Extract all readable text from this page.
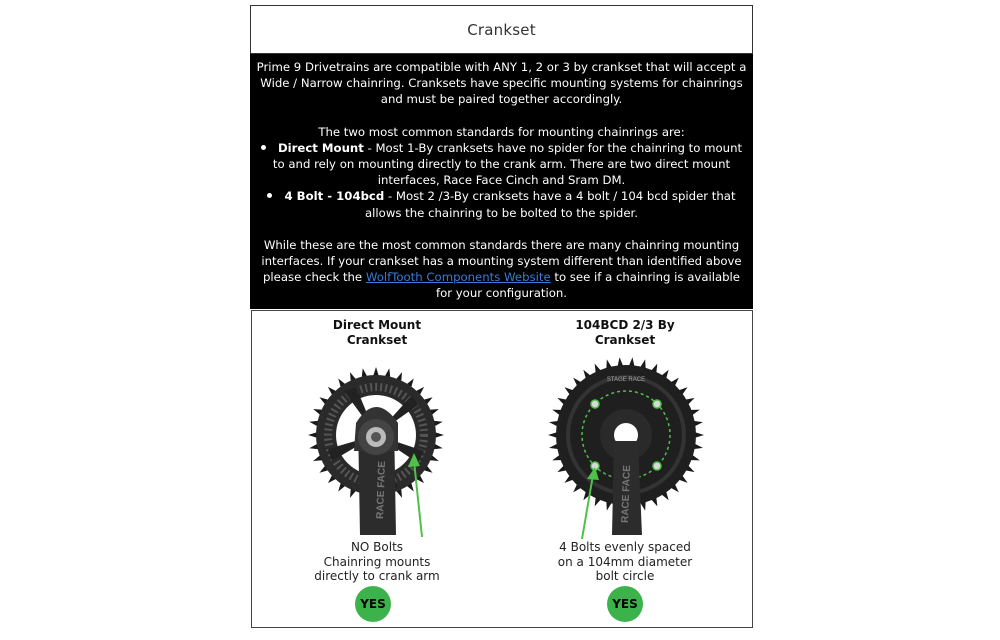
Crankset

Prime 9 Drivetrains are compatible with ANY 1, 2 or 3 by crankset that will accept a Wide / Narrow chainring. Cranksets have specific mounting systems for chainrings and must be paired together accordingly.

The two most common standards for mounting chainrings are:

Direct Mount - Most 1-By cranksets have no spider for the chainring to mount to and rely on mounting directly to the crank arm. There are two direct mount interfaces, Race Face Cinch and Sram DM.
4 Bolt - 104bcd - Most 2 /3-By cranksets have a 4 bolt / 104 bcd spider that allows the chainring to be bolted to the spider.

While these are the most common standards there are many chainring mounting interfaces. If your crankset has a mounting system different than identified above please check the WolfTooth Components Website to see if a chainring is available for your configuration.

Direct Mount
Crankset
RACE FACE
NO Bolts
Chainring mounts
directly to crank arm
YES
104BCD 2/3 By
Crankset
RACE FACE
STAGE RACE
4 Bolts evenly spaced
on a 104mm diameter
bolt circle
YES
